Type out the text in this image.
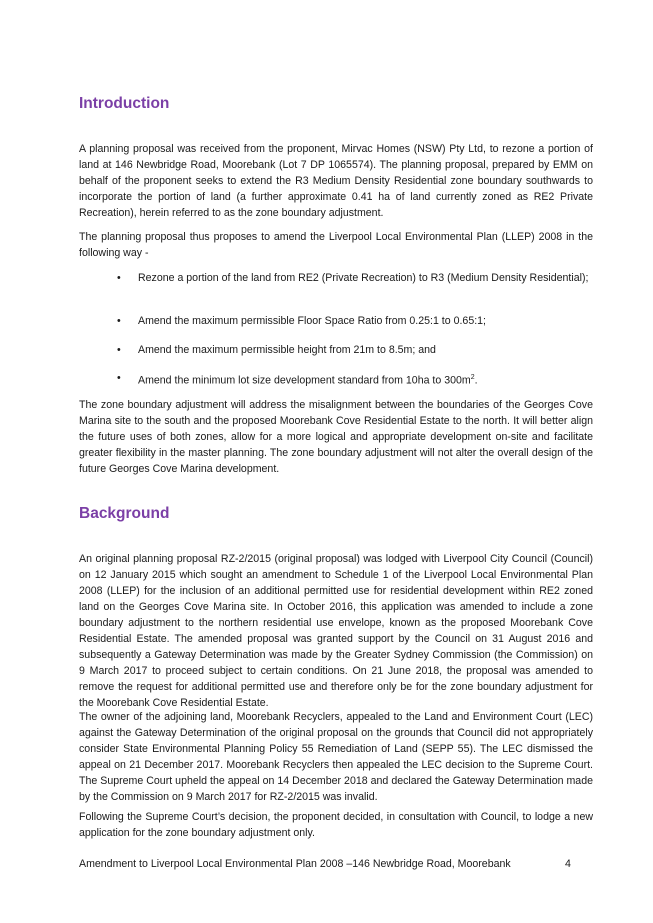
Introduction

A planning proposal was received from the proponent, Mirvac Homes (NSW) Pty Ltd, to rezone a portion of land at 146 Newbridge Road, Moorebank (Lot 7 DP 1065574). The planning proposal, prepared by EMM on behalf of the proponent seeks to extend the R3 Medium Density Residential zone boundary southwards to incorporate the portion of land (a further approximate 0.41 ha of land currently zoned as RE2 Private Recreation), herein referred to as the zone boundary adjustment.

The planning proposal thus proposes to amend the Liverpool Local Environmental Plan (LLEP) 2008 in the following way -

• Rezone a portion of the land from RE2 (Private Recreation) to R3 (Medium Density Residential);
• Amend the maximum permissible Floor Space Ratio from 0.25:1 to 0.65:1;
• Amend the maximum permissible height from 21m to 8.5m; and
• Amend the minimum lot size development standard from 10ha to $300m^2$.

The zone boundary adjustment will address the misalignment between the boundaries of the Georges Cove Marina site to the south and the proposed Moorebank Cove Residential Estate to the north. It will better align the future uses of both zones, allow for a more logical and appropriate development on-site and facilitate greater flexibility in the master planning. The zone boundary adjustment will not alter the overall design of the future Georges Cove Marina development.

Background

An original planning proposal RZ-2/2015 (original proposal) was lodged with Liverpool City Council (Council) on 12 January 2015 which sought an amendment to Schedule 1 of the Liverpool Local Environmental Plan 2008 (LLEP) for the inclusion of an additional permitted use for residential development within RE2 zoned land on the Georges Cove Marina site. In October 2016, this application was amended to include a zone boundary adjustment to the northern residential use envelope, known as the proposed Moorebank Cove Residential Estate. The amended proposal was granted support by the Council on 31 August 2016 and subsequently a Gateway Determination was made by the Greater Sydney Commission (the Commission) on 9 March 2017 to proceed subject to certain conditions. On 21 June 2018, the proposal was amended to remove the request for additional permitted use and therefore only be for the zone boundary adjustment for the Moorebank Cove Residential Estate.

The owner of the adjoining land, Moorebank Recyclers, appealed to the Land and Environment Court (LEC) against the Gateway Determination of the original proposal on the grounds that Council did not appropriately consider State Environmental Planning Policy 55 Remediation of Land (SEPP 55). The LEC dismissed the appeal on 21 December 2017. Moorebank Recyclers then appealed the LEC decision to the Supreme Court. The Supreme Court upheld the appeal on 14 December 2018 and declared the Gateway Determination made by the Commission on 9 March 2017 for RZ-2/2015 was invalid.

Following the Supreme Court’s decision, the proponent decided, in consultation with Council, to lodge a new application for the zone boundary adjustment only.

Amendment to Liverpool Local Environmental Plan 2008 –146 Newbridge Road, Moorebank	4
